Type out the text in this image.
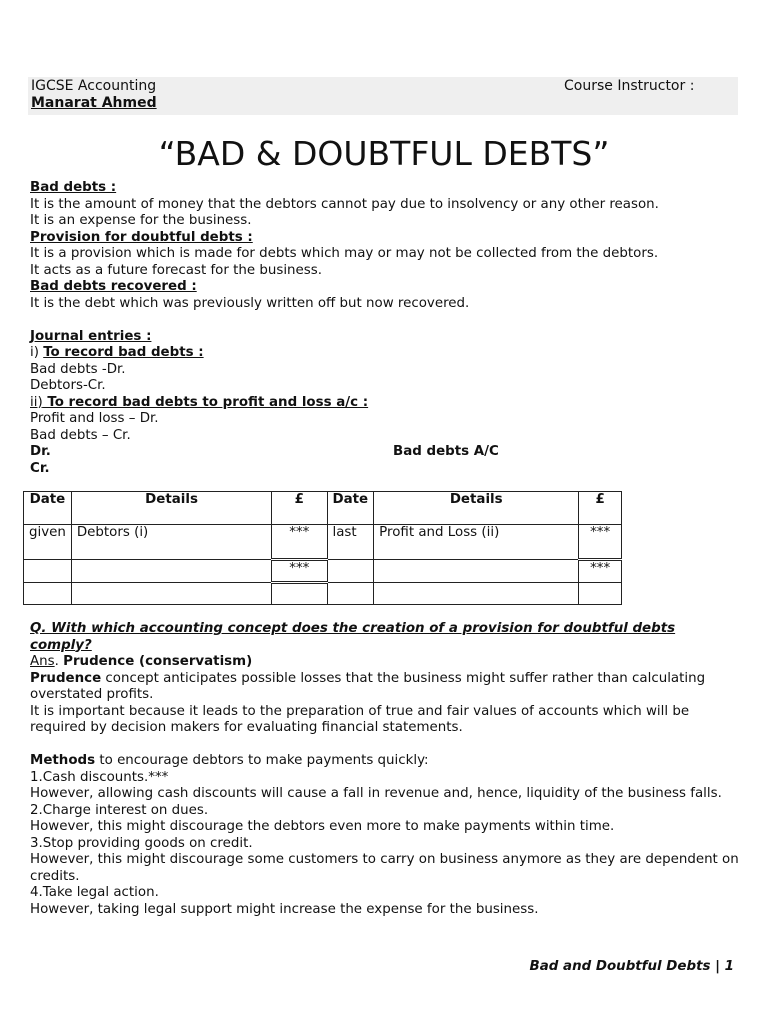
IGCSE Accounting
Manarat Ahmed
Course Instructor :
“BAD & DOUBTFUL DEBTS”

Bad debts :

It is the amount of money that the debtors cannot pay due to insolvency or any other reason.

It is an expense for the business.

Provision for doubtful debts :

It is a provision which is made for debts which may or may not be collected from the debtors.

It acts as a future forecast for the business.

Bad debts recovered :

It is the debt which was previously written off but now recovered.

Journal entries :

i) To record bad debts :

Bad debts -Dr.

Debtors-Cr.

ii) To record bad debts to profit and loss a/c :

Profit and loss – Dr.

Bad debts – Cr.

Dr.	Bad debts A/C

Cr.

Date	Details	£	Date	Details	£
given	Debtors (i)	***	last	Profit and Loss (ii)	***
		***			***

Q. With which accounting concept does the creation of a provision for doubtful debts comply?

Ans. Prudence (conservatism)

Prudence concept anticipates possible losses that the business might suffer rather than calculating overstated profits.

It is important because it leads to the preparation of true and fair values of accounts which will be required by decision makers for evaluating financial statements.

Methods to encourage debtors to make payments quickly:

1.Cash discounts.***

However, allowing cash discounts will cause a fall in revenue and, hence, liquidity of the business falls.

2.Charge interest on dues.

However, this might discourage the debtors even more to make payments within time.

3.Stop providing goods on credit.

However, this might discourage some customers to carry on business anymore as they are dependent on credits.

4.Take legal action.

However, taking legal support might increase the expense for the business.

Bad and Doubtful Debts | 1
